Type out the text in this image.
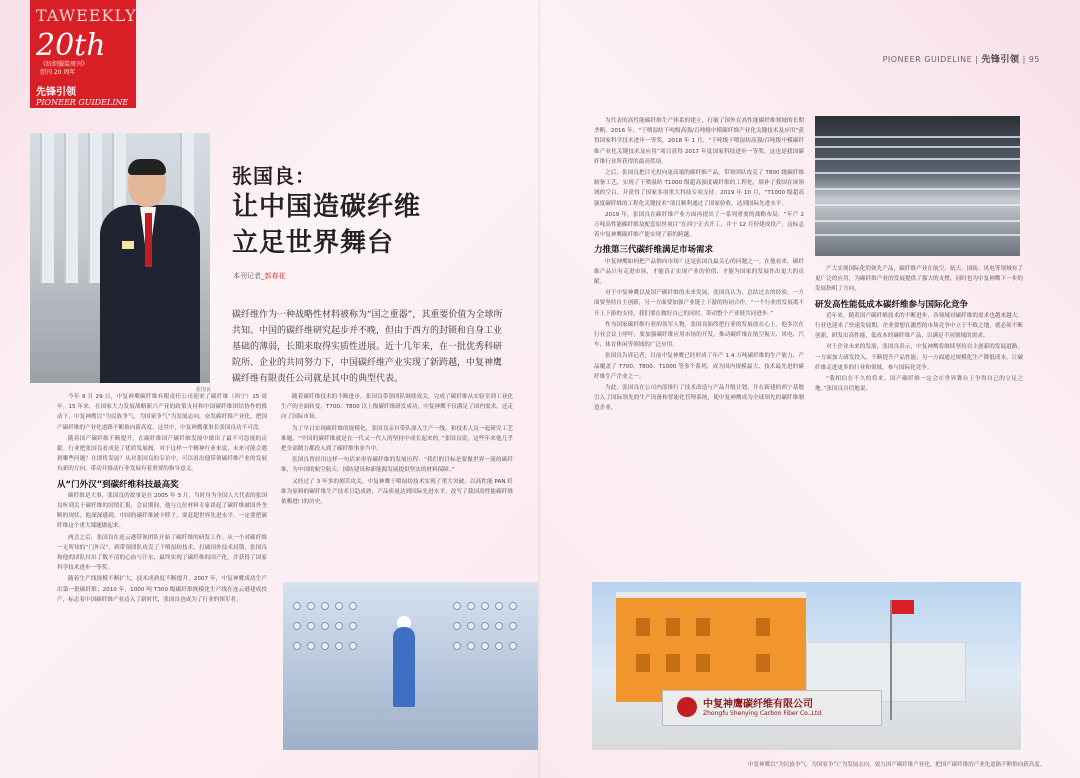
TAWEEKLY
20th
《纺织服装周刊》
创刊 20 周年
先锋引领
PIONEER GUIDELINE
PIONEER GUIDELINE | 先锋引领 | 95
张国良
张国良：
让中国造碳纤维
立足世界舞台
本刊记者_郭春花
碳纤维作为一种战略性材料被称为“国之重器”，其重要价值为全球所共知。中国的碳纤维研究起步并不晚，但由于西方的封锁和自身工业基础的薄弱，长期来取得实质性进展。近十几年来，在一批优秀科研院所、企业的共同努力下，中国碳纤维产业实现了新跨越，中复神鹰碳纤维有限责任公司就是其中的典型代表。

今年 9 月 29 日，中复神鹰碳纤维有限责任公司迎来了碳纤维（西宁）15 周年。15 年来，在国家大力发展战略新兴产业的政策支持和中国碳纤维团结协作的推动下，中复神鹰以“为民族争气，为国家争气”为发展志向，奋发碳纤维产业化，把国产碳纤维的产业化道路不断推向新高度。这其中，中复神鹰董事长张国良功不可没。

随着国产碳纤维不断提升，在碳纤维国产碳纤维发展中做出了最不可忽视的贡献。行业把张国良看成是了优质发展阀，对于这样一个精神行业来说，未来可能会遇到哪些问题？在即将发展？从对张国良的专访中，可以看出他带领碳纤维产业的发展有新的方向，带动并推动行业发展有着重要的指导意义。

从“门外汉”到碳纤维科技最高奖

碳纤维是大事，张国良的故事是在 2005 年 3 月，当时身为全国人大代表的张国良听到关于碳纤维的国情汇报，会议期间，他与几位材料专家谈起了碳纤维被国外垄断的现状，他深深感到，中国的碳纤维被卡脖子，要赶超世界先进水平，一定要把碳纤维这个重大课题做起来。

两会之后，张国良在连云港带领团队开始了碳纤维的研发工作。从一个对碳纤维一无所知的“门外汉”，到带领团队攻克了干喷湿纺技术，打破国外技术封锁，张国良和他的团队付出了数不清的心血与汗水，最终实现了碳纤维的国产化，并获得了国家科学技术进步一等奖。

随着生产线规模不断扩大，技术成熟度不断提升，2007 年，中复神鹰成功生产出第一批碳纤维；2010 年，1000 吨 T300 级碳纤维规模化生产线在连云港建成投产，标志着中国碳纤维产业迈入了新时代，张国良也成为了行业的领军者。

随着碳纤维技术的不断进步，张国良带领团队继续攻关，完成了碳纤维从实验室到工业化生产的全面转变。T700、T800 以上级碳纤维研发成功，中复神鹰不仅满足了国内需求，还走向了国际市场。

为了早日实现碳纤维的规模化，张国良亲自带队深入生产一线，和技术人员一起研究工艺难题。“中国的碳纤维就是在一代又一代人的坚持中成长起来的。”张国良说，这些年来他几乎把全部精力都投入到了碳纤维事业当中。

张国良曾经用这样一句话来形容碳纤维的发展历程：“我们的目标是要做世界一流的碳纤维，为中国的航空航天、国防建设和新能源发展提供坚实的材料保障。”

又经过了 3 年多的刻苦攻关，中复神鹰干喷湿纺技术实现了重大突破，以高性能 PAN 纤维为原料的碳纤维生产技术日趋成熟，产品质量达到国际先进水平，改写了我国高性能碳纤维依赖进口的历史。

为代表的高性能碳纤维生产体系的建立，打破了国外在高性能碳纤维领域的长期垄断。2016 年，“干喷湿纺千吨级高强/百吨级中模碳纤维产业化关键技术及应用”获得国家科学技术进步一等奖，2018 年 1 月，“千吨级干喷湿纺高强/百吨级中模碳纤维产业化关键技术及应用”项目获得 2017 年度国家科技进步一等奖，这也是我国碳纤维行业所获得的最高奖项。

之后，张国良把目光投向更高端的碳纤维产品，带领团队攻克了 T800 级碳纤维制备工艺，实现了干喷湿纺 T1000 级超高强度碳纤维的工程化，填补了我国在该领域的空白，并获得了国家多项重大科技专项支持。2019 年 10 月，“T1000 级超高强度碳纤维的工程化关键技术”项目顺利通过了国家验收，达到国际先进水平。

2019 年，张国良在碳纤维产业方面再提出了一系列重要的战略布局，“年产 2 万吨高性能碳纤维及配套原丝项目”在西宁正式开工，并于 12 月份建成投产，这标志着中复神鹰碳纤维产能实现了新的跨越。

力推第三代碳纤维满足市场需求

中复神鹰如何把产品推向市场？这是张国良最关心的问题之一。在他看来，碳纤维产品只有走进市场，才能真正实现产业的价值，才能为国家的发展作出更大的贡献。

对于中复神鹰以及国产碳纤维的未来发展，张国良认为，总结过去的经验，一方面要坚持自主创新，另一方面要加强产业链上下游的协同合作。“一个行业的发展离不开上下游的支持，我们要在做好自己的同时，带动整个产业链共同进步。”

作为国家碳纤维行业的领军人物，张国良始终把行业的发展放在心上。他多次在行业会议上呼吁，要加强碳纤维应用市场的开发，推动碳纤维在航空航天、风电、汽车、体育休闲等领域的广泛应用。

张国良告诉记者，目前中复神鹰已经形成了年产 1.4 万吨碳纤维的生产能力，产品覆盖了 T700、T800、T1000 等多个系列，成为国内规模最大、技术最先进的碳纤维生产企业之一。

为此，张国良在公司内部推行了技术改造与产品升级计划，并在新建的西宁基地引入了国际领先的生产设备和智能化管理系统，使中复神鹰成为全球领先的碳纤维制造企业。

产大实现国际化的领先产品，碳纤维产业在航空、航天、国防、风电等领域有了更广泛的应用，为碳纤维产业的发展提供了强大的支撑，同时也为中复神鹰下一步的发展指明了方向。

研发高性能低成本碳纤维参与国际化竞争

近年来，随着国产碳纤维技术的不断进步，各领域对碳纤维的需求也越来越大。行业也迎来了快速发展期。企业要想在激烈的市场竞争中立于不败之地，就必须不断创新，研发出高性能、低成本的碳纤维产品，以满足不同领域的需求。

对于企业未来的发展，张国良表示，中复神鹰将继续坚持自主创新的发展道路，一方面加大研发投入，不断提升产品性能；另一方面通过规模化生产降低成本，让碳纤维走进更多的行业和领域，参与国际化竞争。

“我相信在不久的将来，国产碳纤维一定会在世界舞台上争得自己的立足之地。”张国良自信地说。

中复神鹰碳纤维有限公司
Zhongfu Shenying Carbon Fiber Co.,Ltd.
中复神鹰以“为民族争气，为国家争气”为发展志向，致力国产碳纤维产业化，把国产碳纤维的产业化道路不断推向新高度。
